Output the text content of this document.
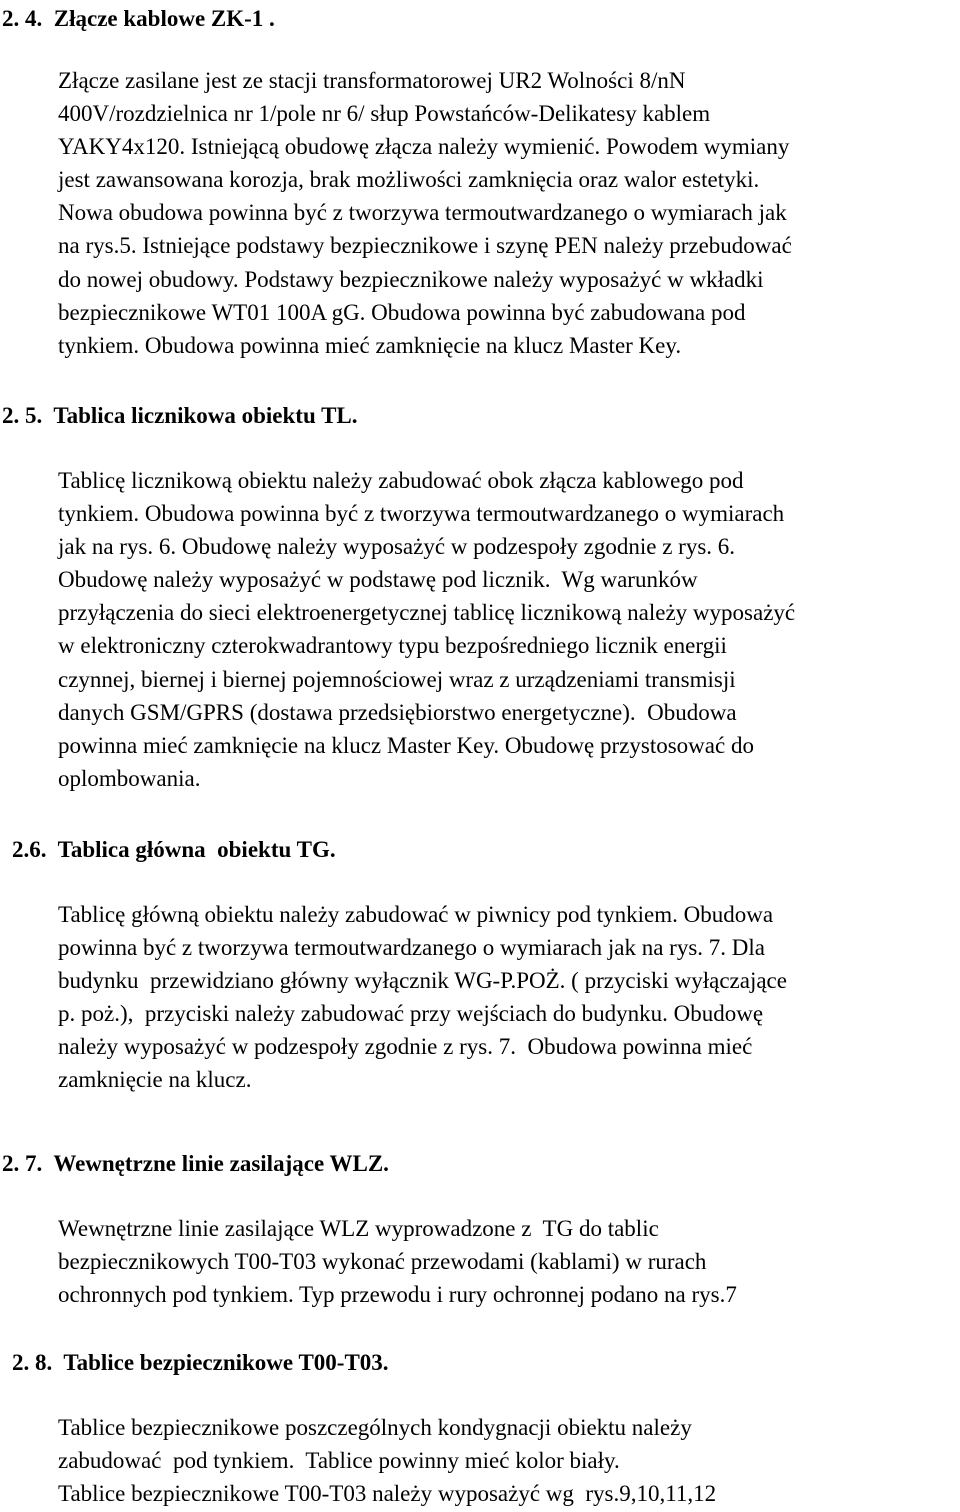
2. 4.  Złącze kablowe ZK-1 .
Złącze zasilane jest ze stacji transformatorowej UR2 Wolności 8/nN
400V/rozdzielnica nr 1/pole nr 6/ słup Powstańców-Delikatesy kablem
YAKY4x120. Istniejącą obudowę złącza należy wymienić. Powodem wymiany
jest zawansowana korozja, brak możliwości zamknięcia oraz walor estetyki.
Nowa obudowa powinna być z tworzywa termoutwardzanego o wymiarach jak
na rys.5. Istniejące podstawy bezpiecznikowe i szynę PEN należy przebudować
do nowej obudowy. Podstawy bezpiecznikowe należy wyposażyć w wkładki
bezpiecznikowe WT01 100A gG. Obudowa powinna być zabudowana pod
tynkiem. Obudowa powinna mieć zamknięcie na klucz Master Key.
2. 5.  Tablica licznikowa obiektu TL.
Tablicę licznikową obiektu należy zabudować obok złącza kablowego pod
tynkiem. Obudowa powinna być z tworzywa termoutwardzanego o wymiarach
jak na rys. 6. Obudowę należy wyposażyć w podzespoły zgodnie z rys. 6.
Obudowę należy wyposażyć w podstawę pod licznik.  Wg warunków
przyłączenia do sieci elektroenergetycznej tablicę licznikową należy wyposażyć
w elektroniczny czterokwadrantowy typu bezpośredniego licznik energii
czynnej, biernej i biernej pojemnościowej wraz z urządzeniami transmisji
danych GSM/GPRS (dostawa przedsiębiorstwo energetyczne).  Obudowa
powinna mieć zamknięcie na klucz Master Key. Obudowę przystosować do
oplombowania.
2.6.  Tablica główna  obiektu TG.
Tablicę główną obiektu należy zabudować w piwnicy pod tynkiem. Obudowa
powinna być z tworzywa termoutwardzanego o wymiarach jak na rys. 7. Dla
budynku  przewidziano główny wyłącznik WG-P.POŻ. ( przyciski wyłączające
p. poż.),  przyciski należy zabudować przy wejściach do budynku. Obudowę
należy wyposażyć w podzespoły zgodnie z rys. 7.  Obudowa powinna mieć
zamknięcie na klucz.
2. 7.  Wewnętrzne linie zasilające WLZ.
Wewnętrzne linie zasilające WLZ wyprowadzone z  TG do tablic
bezpiecznikowych T00-T03 wykonać przewodami (kablami) w rurach
ochronnych pod tynkiem. Typ przewodu i rury ochronnej podano na rys.7
2. 8.  Tablice bezpiecznikowe T00-T03.
Tablice bezpiecznikowe poszczególnych kondygnacji obiektu należy
zabudować  pod tynkiem.  Tablice powinny mieć kolor biały.
Tablice bezpiecznikowe T00-T03 należy wyposażyć wg  rys.9,10,11,12
